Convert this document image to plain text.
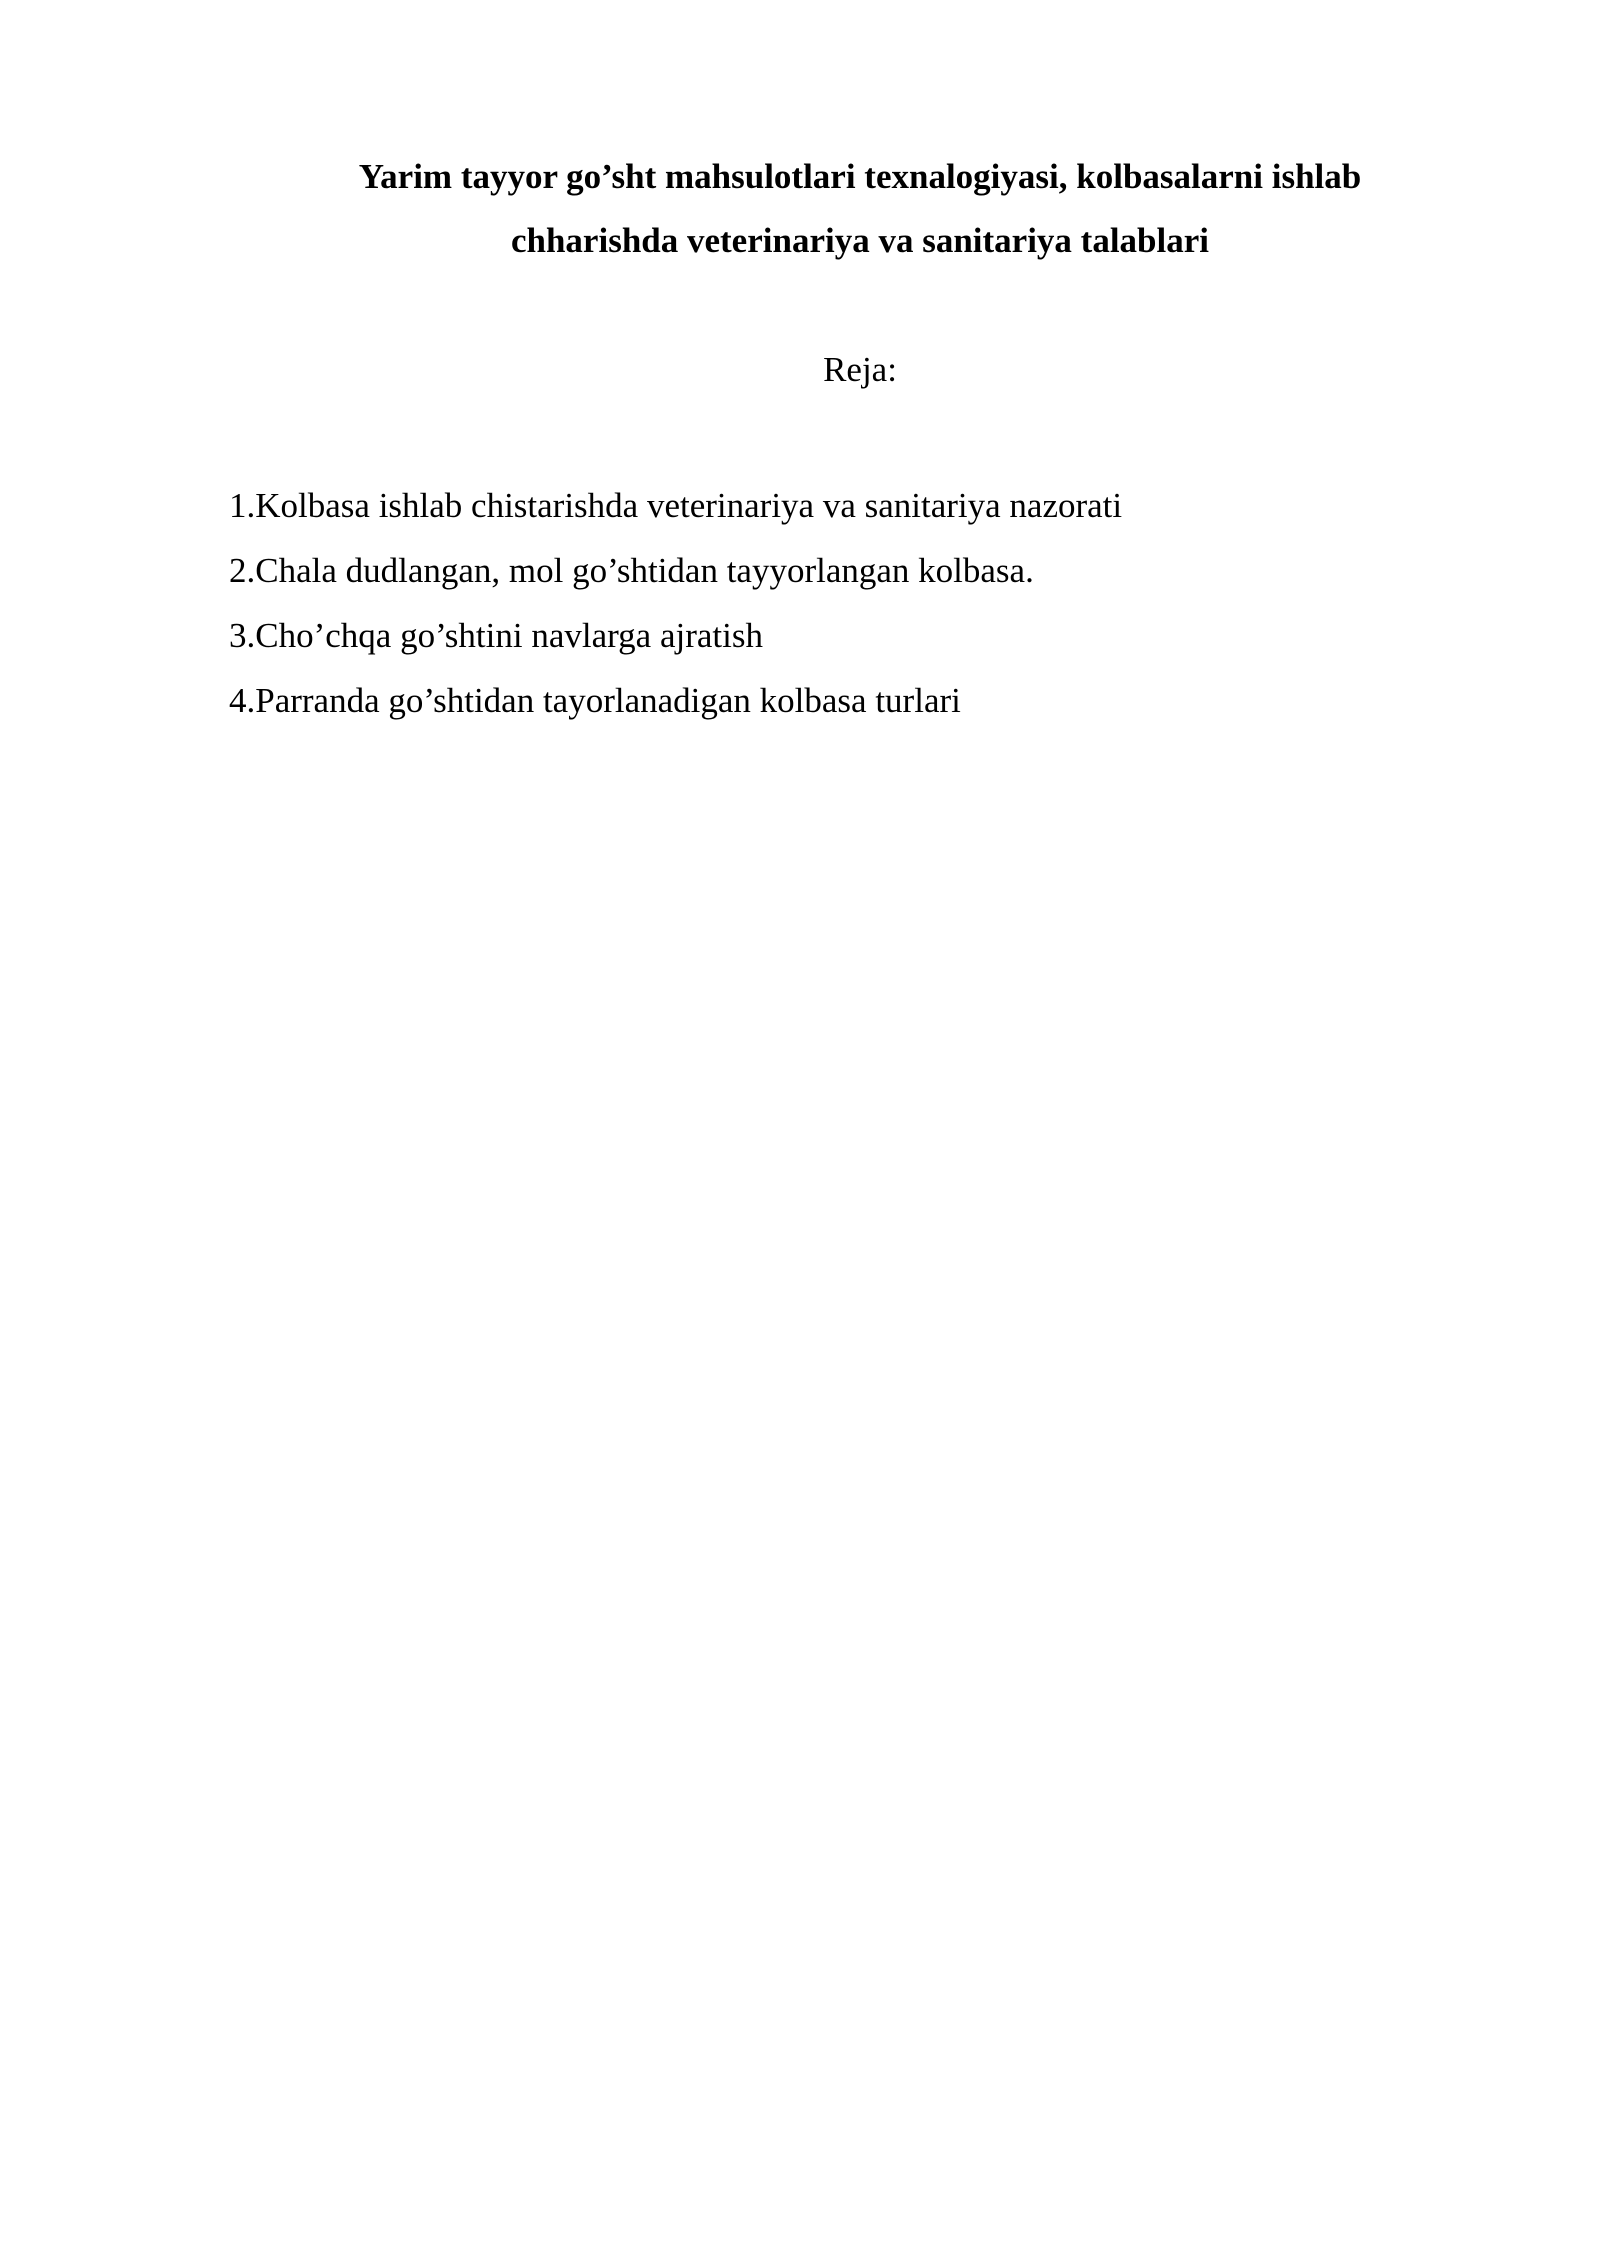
Yarim tayyor go’sht mahsulotlari texnalogiyasi, kolbasalarni ishlab
chharishda veterinariya va sanitariya talablari

Reja:

1.Kolbasa ishlab chistarishda veterinariya va sanitariya nazorati
2.Chala dudlangan, mol go’shtidan tayyorlangan kolbasa.
3.Cho’chqa go’shtini navlarga ajratish
4.Parranda go’shtidan tayorlanadigan kolbasa turlari
